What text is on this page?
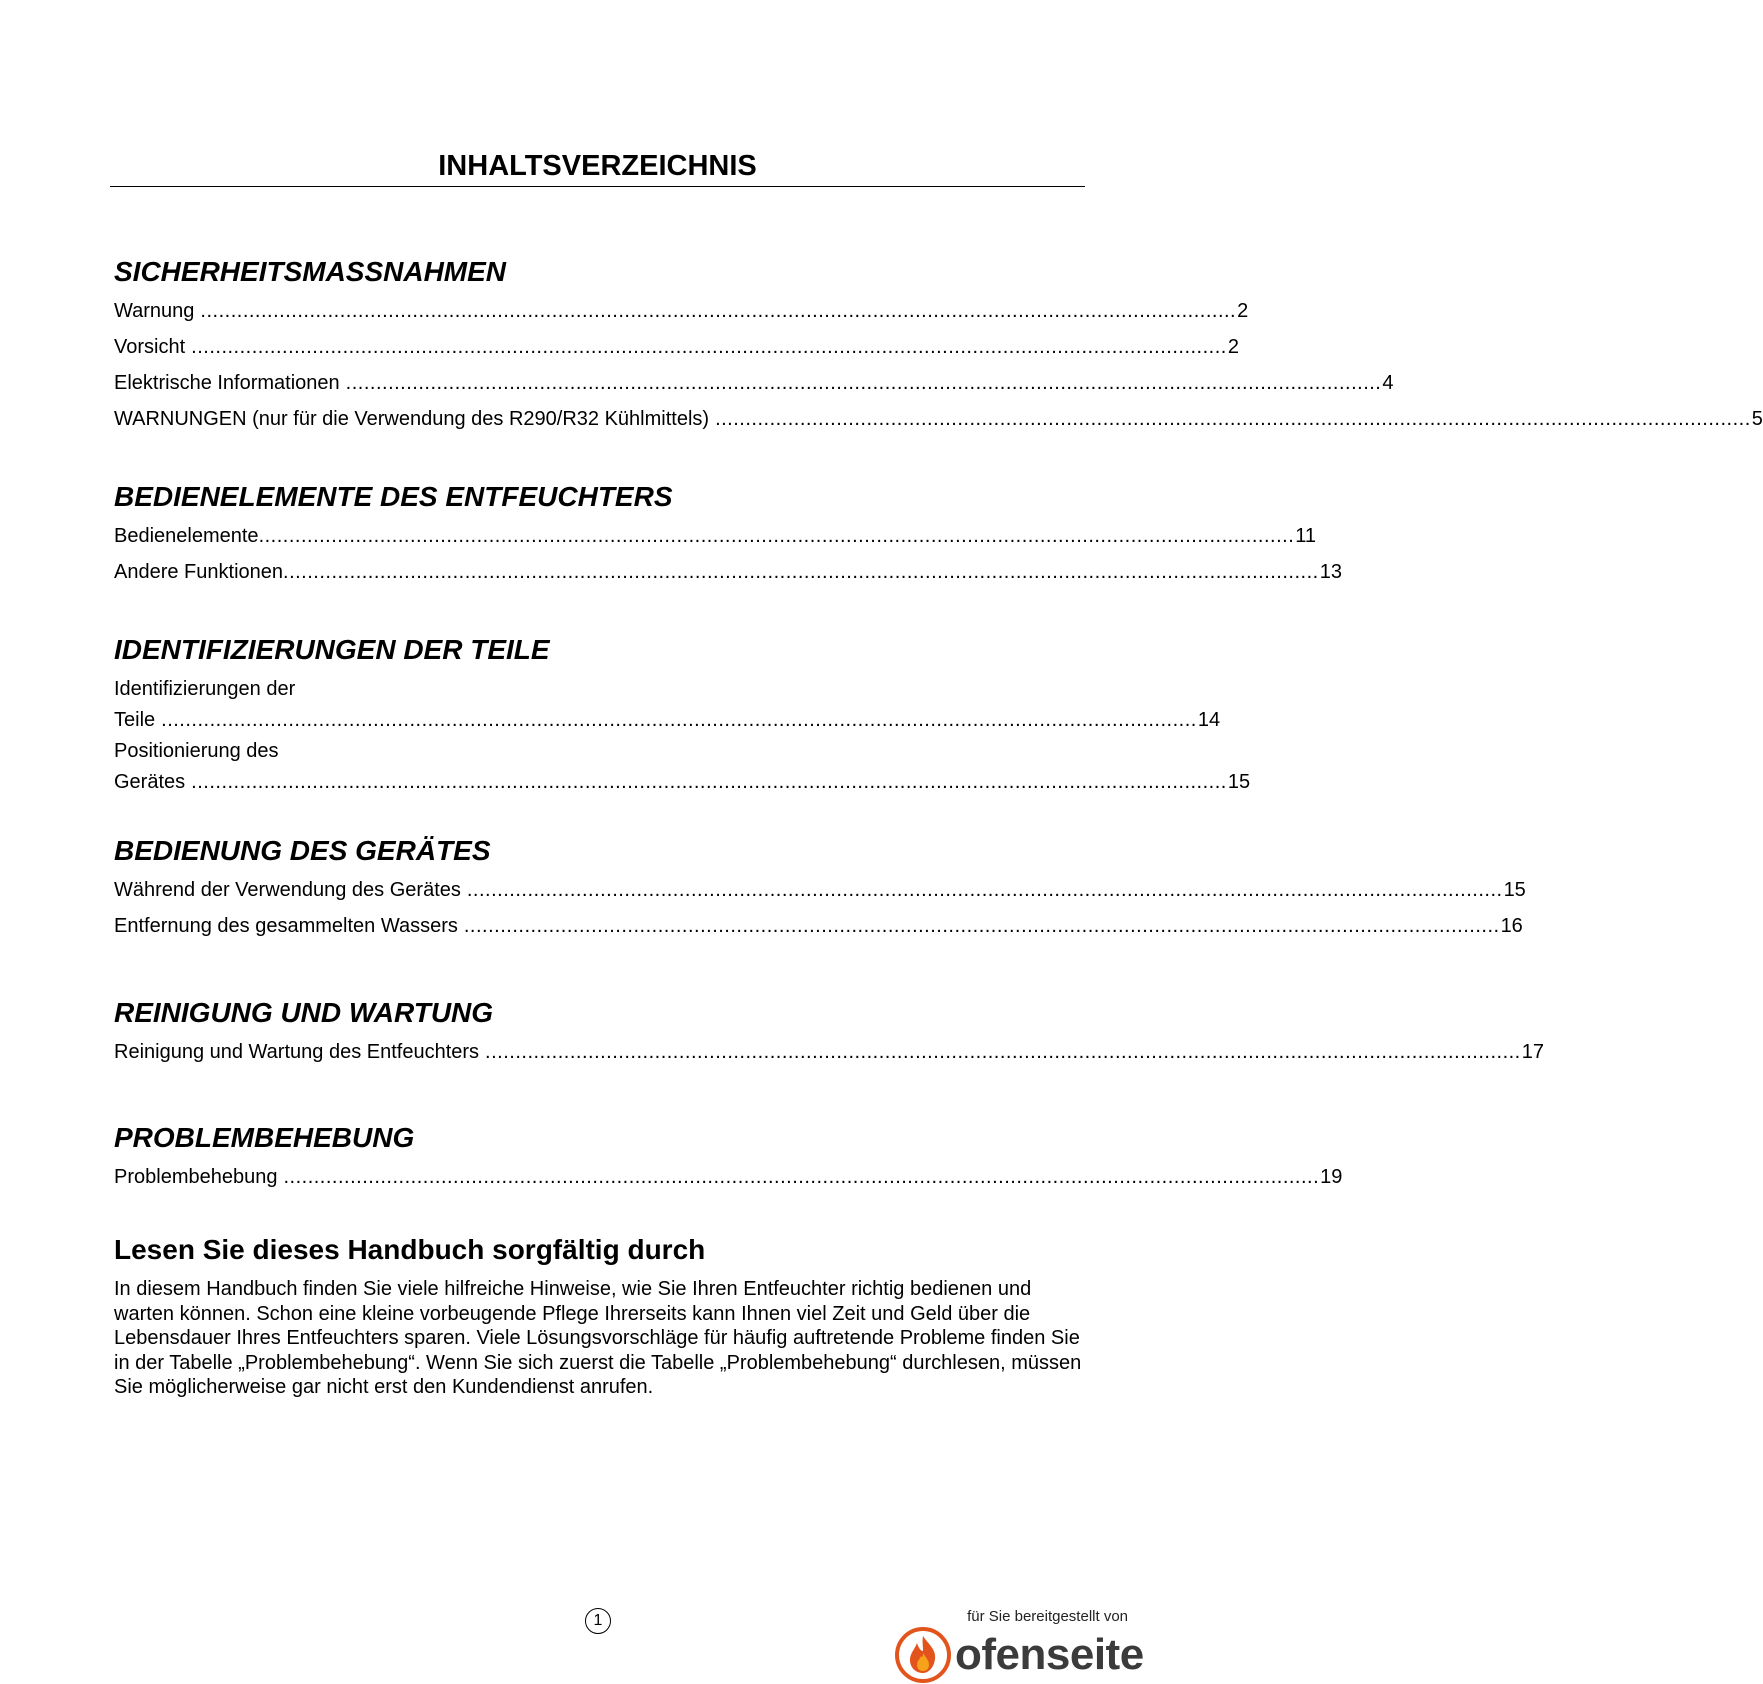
INHALTSVERZEICHNIS
SICHERHEITSMASSNAHMEN
Warnung ........................................................................................................................................................................... 2
Vorsicht ........................................................................................................................................................................... 2
Elektrische Informationen ........................................................................................................................................................................... 4
WARNUNGEN (nur für die Verwendung des R290/R32 Kühlmittels) ........................................................................................................................................................................... 5
BEDIENELEMENTE DES ENTFEUCHTERS
Bedienelemente ........................................................................................................................................................................... 11
Andere Funktionen ........................................................................................................................................................................... 13
IDENTIFIZIERUNGEN DER TEILE
Identifizierungen der
Teile ........................................................................................................................................................................... 14
Positionierung des
Gerätes ........................................................................................................................................................................... 15
BEDIENUNG DES GERÄTES
Während der Verwendung des Gerätes ........................................................................................................................................................................... 15
Entfernung des gesammelten Wassers ........................................................................................................................................................................... 16
REINIGUNG UND WARTUNG
Reinigung und Wartung des Entfeuchters ........................................................................................................................................................................... 17
PROBLEMBEHEBUNG
Problembehebung ........................................................................................................................................................................... 19
Lesen Sie dieses Handbuch sorgfältig durch

In diesem Handbuch finden Sie viele hilfreiche Hinweise, wie Sie Ihren Entfeuchter richtig bedienen und warten können. Schon eine kleine vorbeugende Pflege Ihrerseits kann Ihnen viel Zeit und Geld über die Lebensdauer Ihres Entfeuchters sparen. Viele Lösungsvorschläge für häufig auftretende Probleme finden Sie in der Tabelle „Problembehebung“. Wenn Sie sich zuerst die Tabelle „Problembehebung“ durchlesen, müssen Sie möglicherweise gar nicht erst den Kundendienst anrufen.

1	für Sie bereitgestellt von
ofenseite
